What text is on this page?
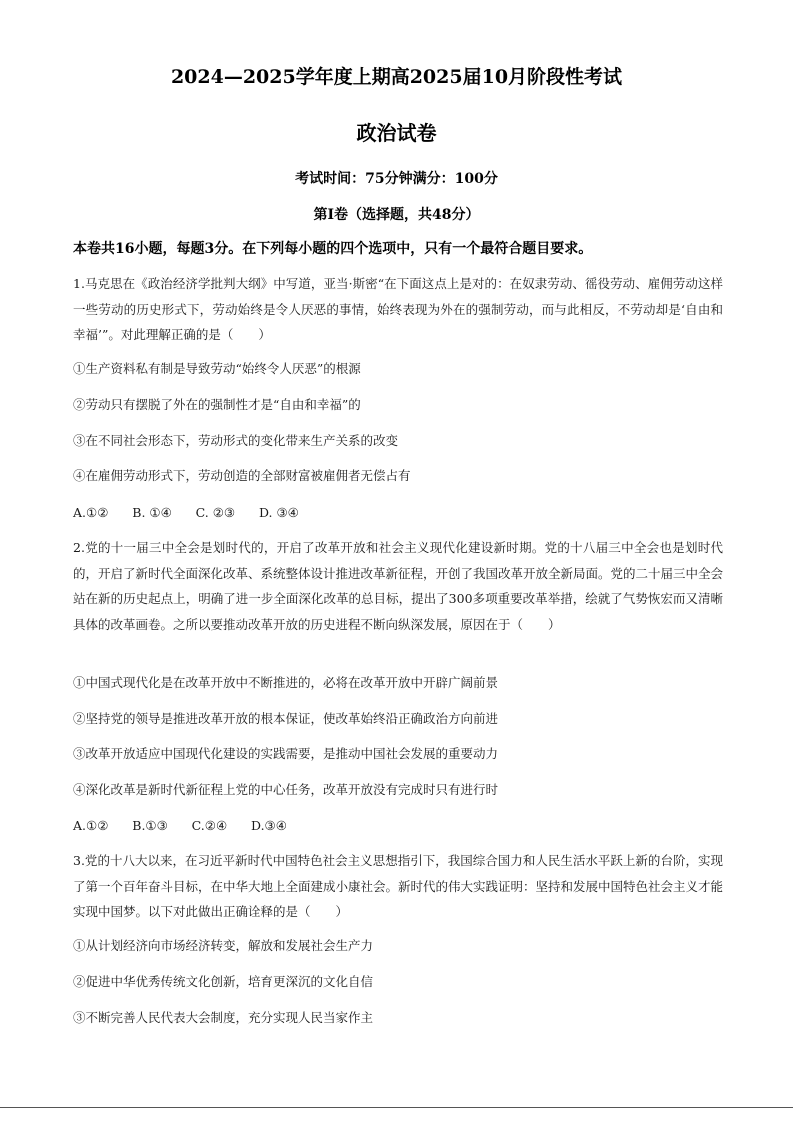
2024—2025学年度上期高2025届10月阶段性考试
政治试卷
考试时间：75分钟满分：100分
第Ⅰ卷（选择题，共48分）
本卷共16小题，每题3分。在下列每小题的四个选项中，只有一个最符合题目要求。
1.马克思在《政治经济学批判大纲》中写道，亚当·斯密“在下面这点上是对的：在奴隶劳动、徭役劳动、雇佣劳动这样一些劳动的历史形式下，劳动始终是令人厌恶的事情，始终表现为外在的强制劳动，而与此相反，不劳动却是‘自由和幸福’”。对此理解正确的是（　　）
①生产资料私有制是导致劳动“始终令人厌恶”的根源
②劳动只有摆脱了外在的强制性才是“自由和幸福”的
③在不同社会形态下，劳动形式的变化带来生产关系的改变
④在雇佣劳动形式下，劳动创造的全部财富被雇佣者无偿占有
A.①②      B. ①④      C. ②③      D. ③④
2.党的十一届三中全会是划时代的，开启了改革开放和社会主义现代化建设新时期。党的十八届三中全会也是划时代的，开启了新时代全面深化改革、系统整体设计推进改革新征程，开创了我国改革开放全新局面。党的二十届三中全会站在新的历史起点上，明确了进一步全面深化改革的总目标，提出了300多项重要改革举措，绘就了气势恢宏而又清晰具体的改革画卷。之所以要推动改革开放的历史进程不断向纵深发展，原因在于（　　）
①中国式现代化是在改革开放中不断推进的，必将在改革开放中开辟广阔前景
②坚持党的领导是推进改革开放的根本保证，使改革始终沿正确政治方向前进
③改革开放适应中国现代化建设的实践需要，是推动中国社会发展的重要动力
④深化改革是新时代新征程上党的中心任务，改革开放没有完成时只有进行时
A.①②      B.①③      C.②④      D.③④
3.党的十八大以来，在习近平新时代中国特色社会主义思想指引下，我国综合国力和人民生活水平跃上新的台阶，实现了第一个百年奋斗目标，在中华大地上全面建成小康社会。新时代的伟大实践证明：坚持和发展中国特色社会主义才能实现中国梦。以下对此做出正确诠释的是（　　）
①从计划经济向市场经济转变，解放和发展社会生产力
②促进中华优秀传统文化创新，培育更深沉的文化自信
③不断完善人民代表大会制度，充分实现人民当家作主
